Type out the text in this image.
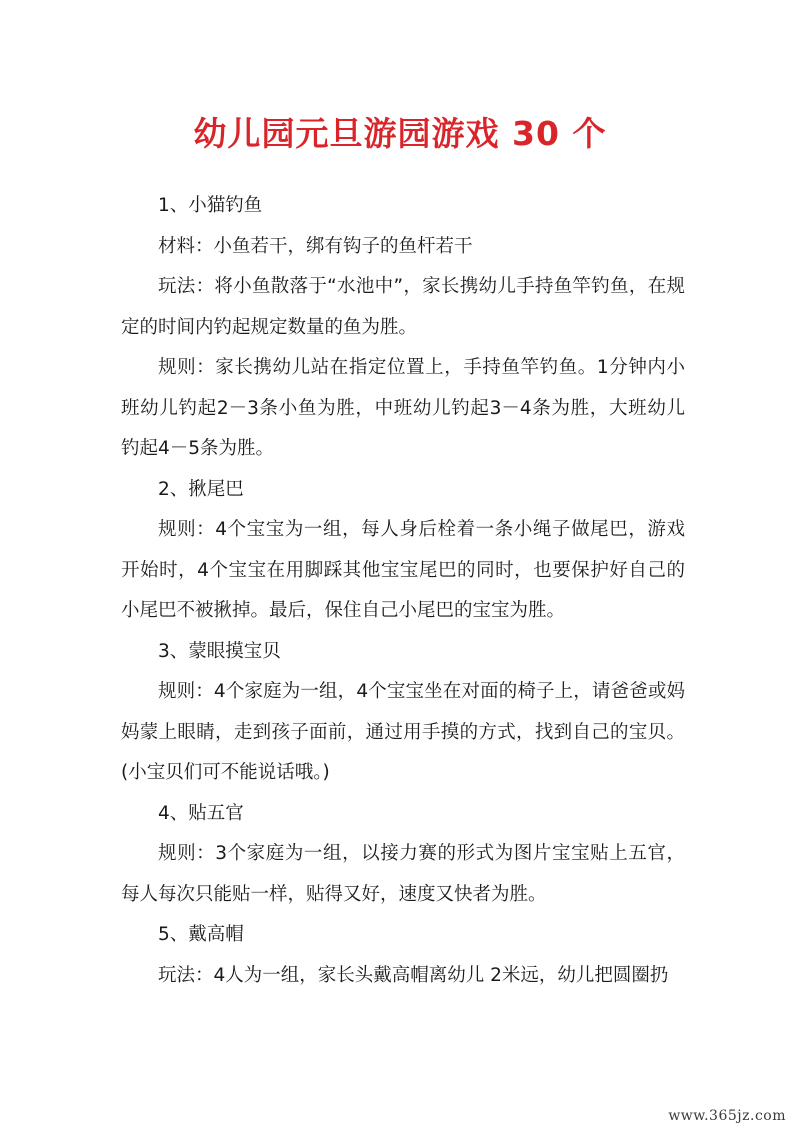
幼儿园元旦游园游戏 30 个

1、小猫钓鱼

材料：小鱼若干，绑有钩子的鱼杆若干

玩法：将小鱼散落于“水池中”，家长携幼儿手持鱼竿钓鱼，在规定的时间内钓起规定数量的鱼为胜。

规则：家长携幼儿站在指定位置上，手持鱼竿钓鱼。1分钟内小班幼儿钓起2－3条小鱼为胜，中班幼儿钓起3－4条为胜，大班幼儿钓起4－5条为胜。

2、揪尾巴

规则：4个宝宝为一组，每人身后栓着一条小绳子做尾巴，游戏开始时，4个宝宝在用脚踩其他宝宝尾巴的同时，也要保护好自己的小尾巴不被揪掉。最后，保住自己小尾巴的宝宝为胜。

3、蒙眼摸宝贝

规则：4个家庭为一组，4个宝宝坐在对面的椅子上，请爸爸或妈妈蒙上眼睛，走到孩子面前，通过用手摸的方式，找到自己的宝贝。(小宝贝们可不能说话哦。)

4、贴五官

规则：3个家庭为一组，以接力赛的形式为图片宝宝贴上五官，每人每次只能贴一样，贴得又好，速度又快者为胜。

5、戴高帽

玩法：4人为一组，家长头戴高帽离幼儿 2米远，幼儿把圆圈扔

www.365jz.com
